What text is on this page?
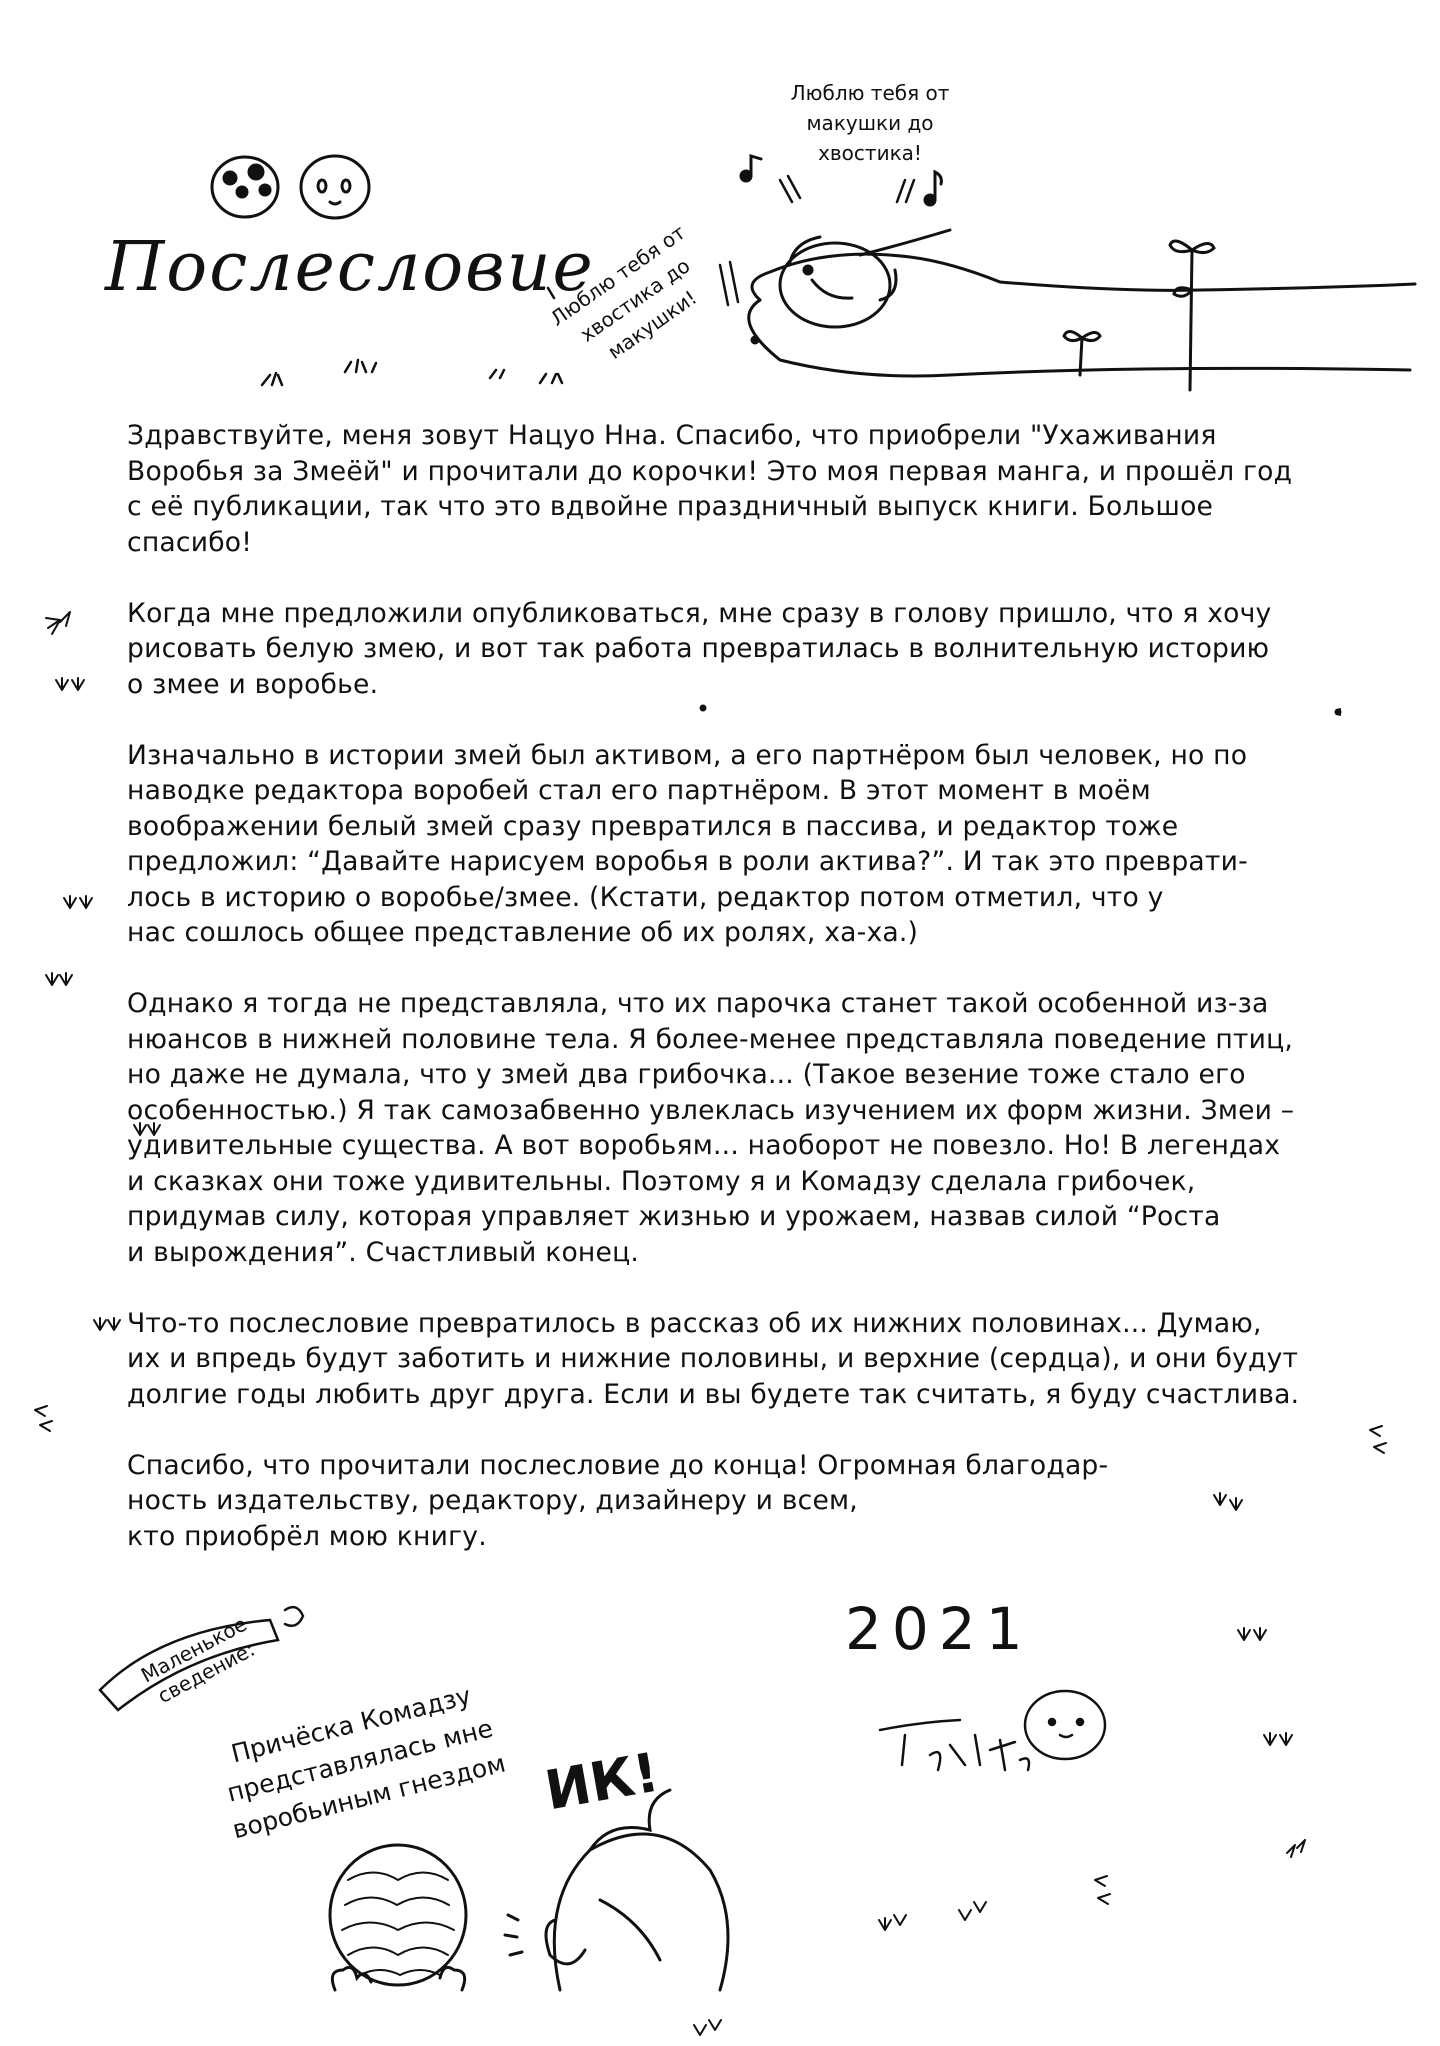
Послесловие
Люблю тебя от макушки до хвостика!
Люблю тебя от хвостика до макушки!

Здравствуйте, меня зовут Нацуо Нна. Спасибо, что приобрели "Ухаживания
Воробья за Змеёй" и прочитали до корочки! Это моя первая манга, и прошёл год
с её публикации, так что это вдвойне праздничный выпуск книги. Большое
спасибо!

Когда мне предложили опубликоваться, мне сразу в голову пришло, что я хочу
рисовать белую змею, и вот так работа превратилась в волнительную историю
о змее и воробье.

Изначально в истории змей был активом, а его партнёром был человек, но по
наводке редактора воробей стал его партнёром. В этот момент в моём
воображении белый змей сразу превратился в пассива, и редактор тоже
предложил: “Давайте нарисуем воробья в роли актива?”. И так это преврати-
лось в историю о воробье/змее. (Кстати, редактор потом отметил, что у
нас сошлось общее представление об их ролях, ха-ха.)

Однако я тогда не представляла, что их парочка станет такой особенной из-за
нюансов в нижней половине тела. Я более-менее представляла поведение птиц,
но даже не думала, что у змей два грибочка... (Такое везение тоже стало его
особенностью.) Я так самозабвенно увлеклась изучением их форм жизни. Змеи –
удивительные существа. А вот воробьям... наоборот не повезло. Но! В легендах
и сказках они тоже удивительны. Поэтому я и Комадзу сделала грибочек,
придумав силу, которая управляет жизнью и урожаем, назвав силой “Роста
и вырождения”. Счастливый конец.

Что-то послесловие превратилось в рассказ об их нижних половинах... Думаю,
их и впредь будут заботить и нижние половины, и верхние (сердца), и они будут
долгие годы любить друг друга. Если и вы будете так считать, я буду счастлива.

Спасибо, что прочитали послесловие до конца! Огромная благодар-
ность издательству, редактору, дизайнеру и всем,
кто приобрёл мою книгу.

2021
Маленькое сведение:
Причёска Комадзу представлялась мне воробьиным гнездом ИК!
